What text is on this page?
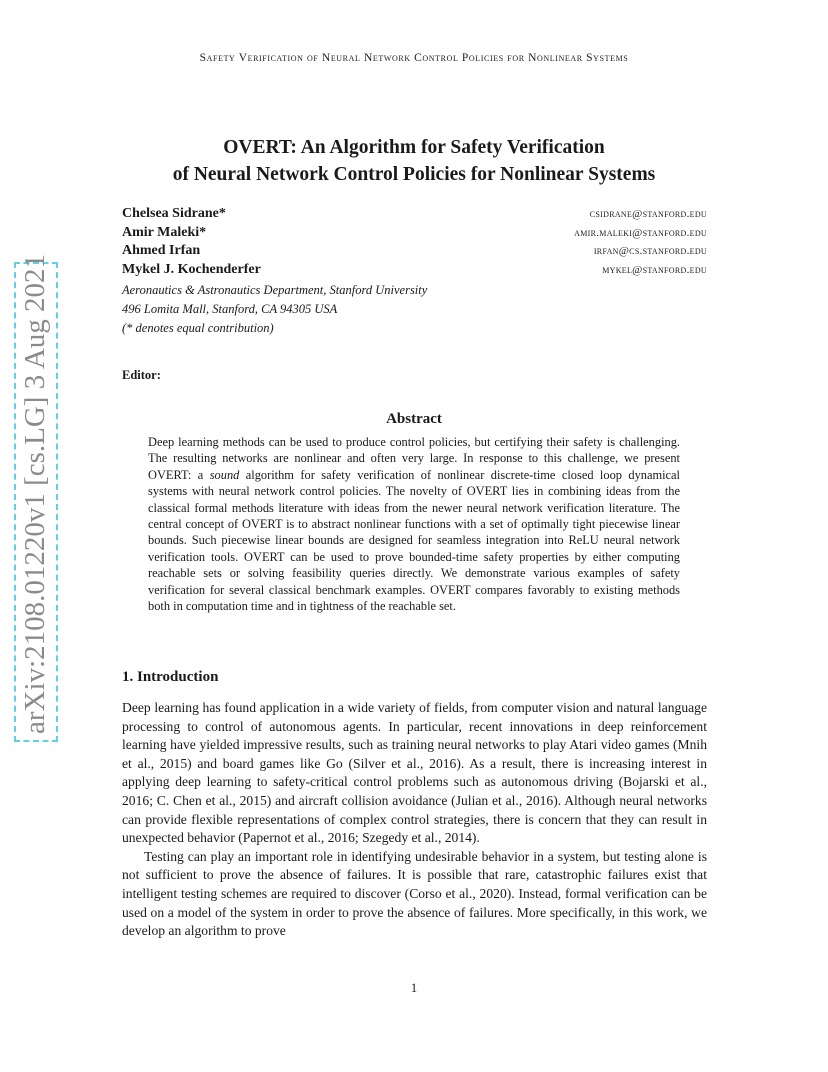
arXiv:2108.01220v1 [cs.LG] 3 Aug 2021
Safety Verification of Neural Network Control Policies for Nonlinear Systems
OVERT: An Algorithm for Safety Verification
of Neural Network Control Policies for Nonlinear Systems
Chelsea Sidrane*	csidrane@stanford.edu
Amir Maleki*	amir.maleki@stanford.edu
Ahmed Irfan	irfan@cs.stanford.edu
Mykel J. Kochenderfer	mykel@stanford.edu
Aeronautics & Astronautics Department, Stanford University
496 Lomita Mall, Stanford, CA 94305 USA
(* denotes equal contribution)
Editor:
Abstract
Deep learning methods can be used to produce control policies, but certifying their safety is challenging. The resulting networks are nonlinear and often very large. In response to this challenge, we present OVERT: a sound algorithm for safety verification of nonlinear discrete-time closed loop dynamical systems with neural network control policies. The novelty of OVERT lies in combining ideas from the classical formal methods literature with ideas from the newer neural network verification literature. The central concept of OVERT is to abstract nonlinear functions with a set of optimally tight piecewise linear bounds. Such piecewise linear bounds are designed for seamless integration into ReLU neural network verification tools. OVERT can be used to prove bounded-time safety properties by either computing reachable sets or solving feasibility queries directly. We demonstrate various examples of safety verification for several classical benchmark examples. OVERT compares favorably to existing methods both in computation time and in tightness of the reachable set.
1. Introduction

Deep learning has found application in a wide variety of fields, from computer vision and natural language processing to control of autonomous agents. In particular, recent innovations in deep reinforcement learning have yielded impressive results, such as training neural networks to play Atari video games (Mnih et al., 2015) and board games like Go (Silver et al., 2016). As a result, there is increasing interest in applying deep learning to safety-critical control problems such as autonomous driving (Bojarski et al., 2016; C. Chen et al., 2015) and aircraft collision avoidance (Julian et al., 2016). Although neural networks can provide flexible representations of complex control strategies, there is concern that they can result in unexpected behavior (Papernot et al., 2016; Szegedy et al., 2014).

Testing can play an important role in identifying undesirable behavior in a system, but testing alone is not sufficient to prove the absence of failures. It is possible that rare, catastrophic failures exist that intelligent testing schemes are required to discover (Corso et al., 2020). Instead, formal verification can be used on a model of the system in order to prove the absence of failures. More specifically, in this work, we develop an algorithm to prove

1
